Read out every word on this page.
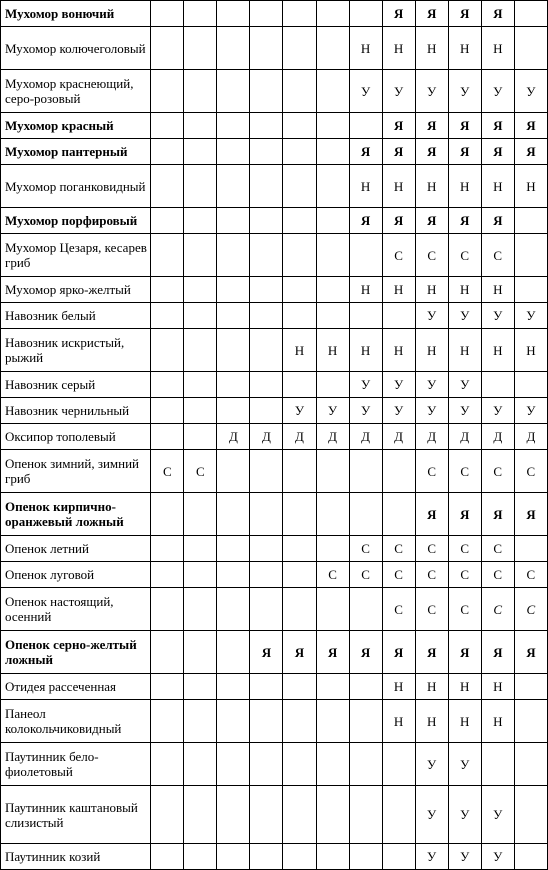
Мухомор вонючий								Я	Я	Я	Я	
Мухомор колючеголовый							Н	Н	Н	Н	Н	
Мухомор краснеющий, серо-розовый							У	У	У	У	У	У
Мухомор красный								Я	Я	Я	Я	Я
Мухомор пантерный							Я	Я	Я	Я	Я	Я
Мухомор поганковидный							Н	Н	Н	Н	Н	Н
Мухомор порфировый							Я	Я	Я	Я	Я	
Мухомор Цезаря, кесарев гриб								С	С	С	С	
Мухомор ярко-желтый							Н	Н	Н	Н	Н	
Навозник белый									У	У	У	У
Навозник искристый, рыжий					Н	Н	Н	Н	Н	Н	Н	Н
Навозник серый							У	У	У	У		
Навозник чернильный					У	У	У	У	У	У	У	У
Оксипор тополевый			Д	Д	Д	Д	Д	Д	Д	Д	Д	Д
Опенок зимний, зимний гриб	С	С							С	С	С	С
Опенок кирпично-оранжевый ложный									Я	Я	Я	Я
Опенок летний							С	С	С	С	С	
Опенок луговой						С	С	С	С	С	С	С
Опенок настоящий, осенний								С	С	С	С	С
Опенок серно-желтый ложный				Я	Я	Я	Я	Я	Я	Я	Я	Я
Отидея рассеченная								Н	Н	Н	Н	
Панеол колокольчиковидный								Н	Н	Н	Н	
Паутинник бело-фиолетовый									У	У		
Паутинник каштановый слизистый									У	У	У	
Паутинник козий									У	У	У	
